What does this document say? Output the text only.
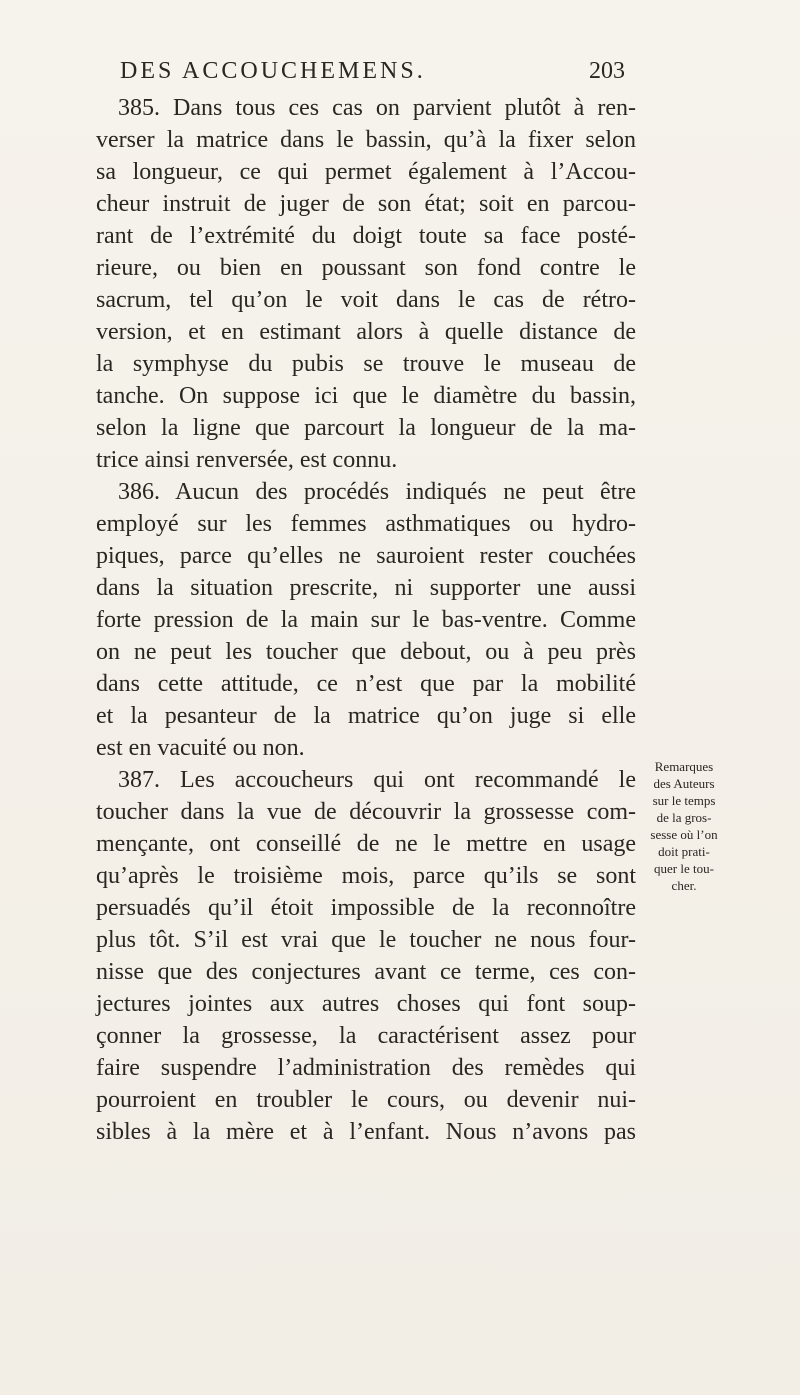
DES ACCOUCHEMENS.	203
385. Dans tous ces cas on parvient plutôt à ren-
verser la matrice dans le bassin, qu’à la fixer selon
sa longueur, ce qui permet également à l’Accou-
cheur instruit de juger de son état; soit en parcou-
rant de l’extrémité du doigt toute sa face posté-
rieure, ou bien en poussant son fond contre le
sacrum, tel qu’on le voit dans le cas de rétro-
version, et en estimant alors à quelle distance de
la symphyse du pubis se trouve le museau de
tanche. On suppose ici que le diamètre du bassin,
selon la ligne que parcourt la longueur de la ma-
trice ainsi renversée, est connu.
386. Aucun des procédés indiqués ne peut être
employé sur les femmes asthmatiques ou hydro-
piques, parce qu’elles ne sauroient rester couchées
dans la situation prescrite, ni supporter une aussi
forte pression de la main sur le bas-ventre. Comme
on ne peut les toucher que debout, ou à peu près
dans cette attitude, ce n’est que par la mobilité
et la pesanteur de la matrice qu’on juge si elle
est en vacuité ou non.
387. Les accoucheurs qui ont recommandé le
toucher dans la vue de découvrir la grossesse com-
mençante, ont conseillé de ne le mettre en usage
qu’après le troisième mois, parce qu’ils se sont
persuadés qu’il étoit impossible de la reconnoître
plus tôt. S’il est vrai que le toucher ne nous four-
nisse que des conjectures avant ce terme, ces con-
jectures jointes aux autres choses qui font soup-
çonner la grossesse, la caractérisent assez pour
faire suspendre l’administration des remèdes qui
pourroient en troubler le cours, ou devenir nui-
sibles à la mère et à l’enfant. Nous n’avons pas
Remarques
des Auteurs
sur le temps
de la gros-
sesse où l’on
doit prati-
quer le tou-
cher.
